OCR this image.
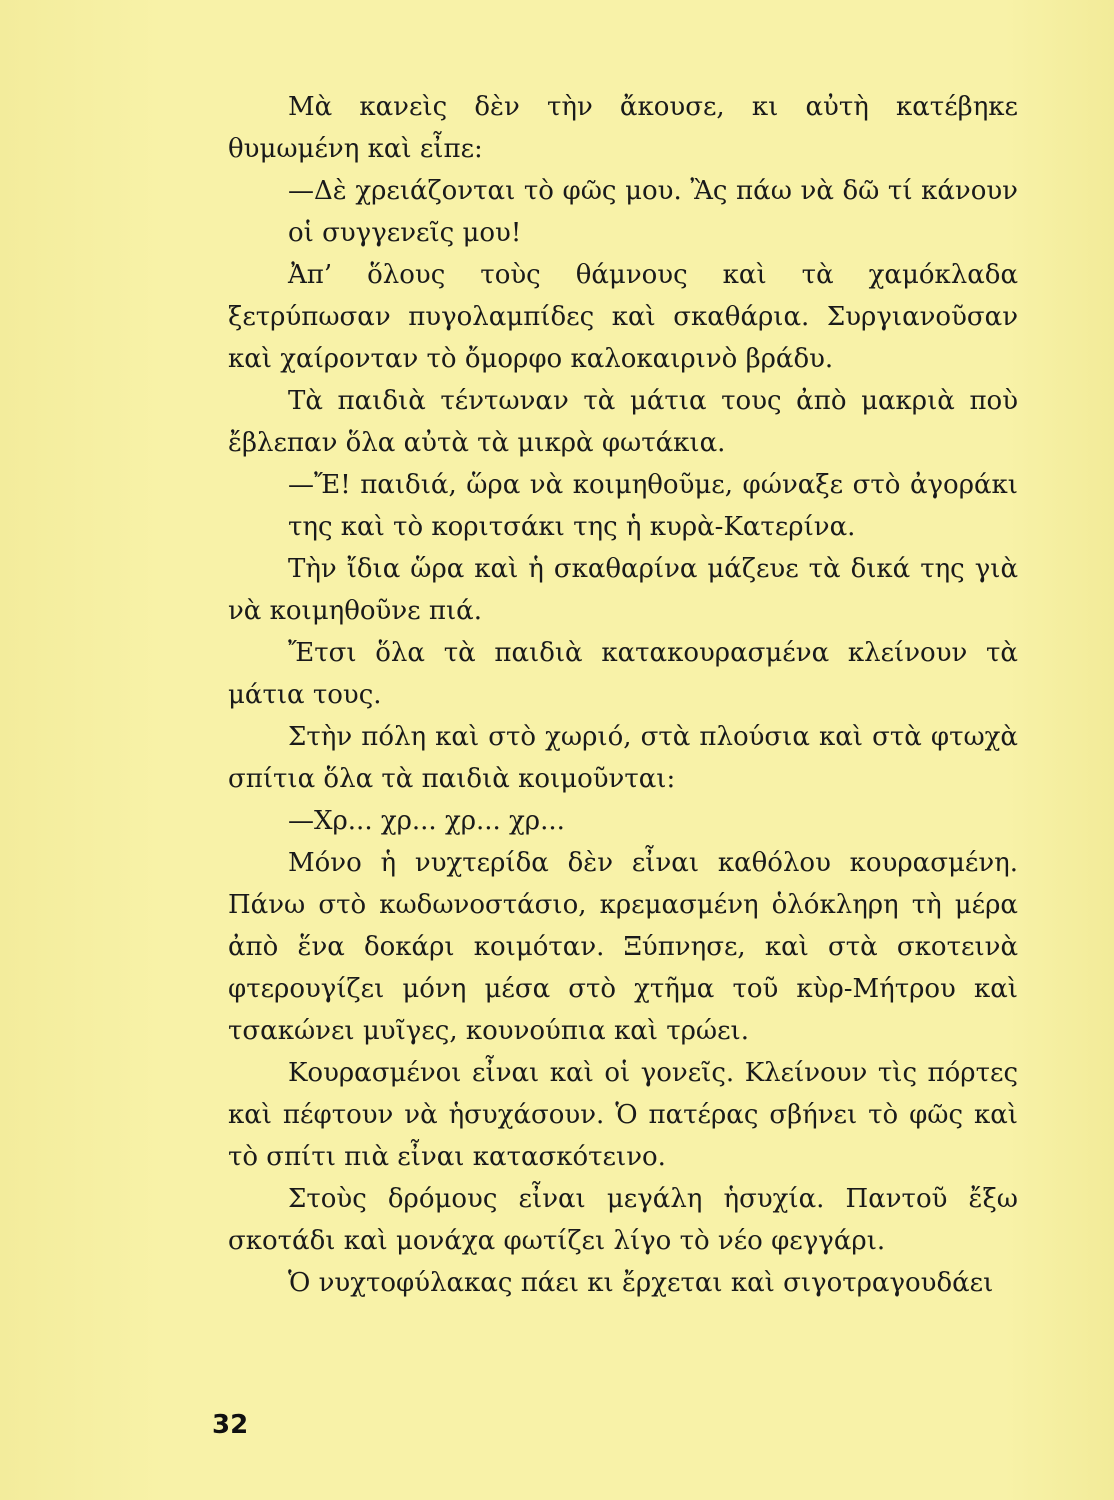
Μὰ κανεὶς δὲν τὴν ἄκουσε, κι αὐτὴ κατέβηκε θυμωμένη καὶ εἶπε:

—Δὲ χρειάζονται τὸ φῶς μου. Ἂς πάω νὰ δῶ τί κάνουν οἱ συγγενεῖς μου!

Ἀπ’ ὅλους τοὺς θάμνους καὶ τὰ χαμόκλαδα ξετρύπωσαν πυγολαμπίδες καὶ σκαθάρια. Συργιανοῦσαν καὶ χαίρονταν τὸ ὄμορφο καλοκαιρινὸ βράδυ.

Τὰ παιδιὰ τέντωναν τὰ μάτια τους ἀπὸ μακριὰ ποὺ ἔβλεπαν ὅλα αὐτὰ τὰ μικρὰ φωτάκια.

—Ἔ! παιδιά, ὥρα νὰ κοιμηθοῦμε, φώναξε στὸ ἀγοράκι της καὶ τὸ κοριτσάκι της ἡ κυρὰ-Κατερίνα.

Τὴν ἴδια ὥρα καὶ ἡ σκαθαρίνα μάζευε τὰ δικά της γιὰ νὰ κοιμηθοῦνε πιά.

Ἔτσι ὅλα τὰ παιδιὰ κατακουρασμένα κλείνουν τὰ μάτια τους.

Στὴν πόλη καὶ στὸ χωριό, στὰ πλούσια καὶ στὰ φτωχὰ σπίτια ὅλα τὰ παιδιὰ κοιμοῦνται:

—Χρ... χρ... χρ... χρ...

Μόνο ἡ νυχτερίδα δὲν εἶναι καθόλου κουρασμένη. Πάνω στὸ κωδωνοστάσιο, κρεμασμένη ὁλόκληρη τὴ μέρα ἀπὸ ἕνα δοκάρι κοιμόταν. Ξύπνησε, καὶ στὰ σκοτεινὰ φτερουγίζει μόνη μέσα στὸ χτῆμα τοῦ κὺρ-Μήτρου καὶ τσακώνει μυῖγες, κουνούπια καὶ τρώει.

Κουρασμένοι εἶναι καὶ οἱ γονεῖς. Κλείνουν τὶς πόρτες καὶ πέφτουν νὰ ἡσυχάσουν. Ὁ πατέρας σβήνει τὸ φῶς καὶ τὸ σπίτι πιὰ εἶναι κατασκότεινο.

Στοὺς δρόμους εἶναι μεγάλη ἡσυχία. Παντοῦ ἔξω σκοτάδι καὶ μονάχα φωτίζει λίγο τὸ νέο φεγγάρι.

Ὁ νυχτοφύλακας πάει κι ἔρχεται καὶ σιγοτραγουδάει

32
